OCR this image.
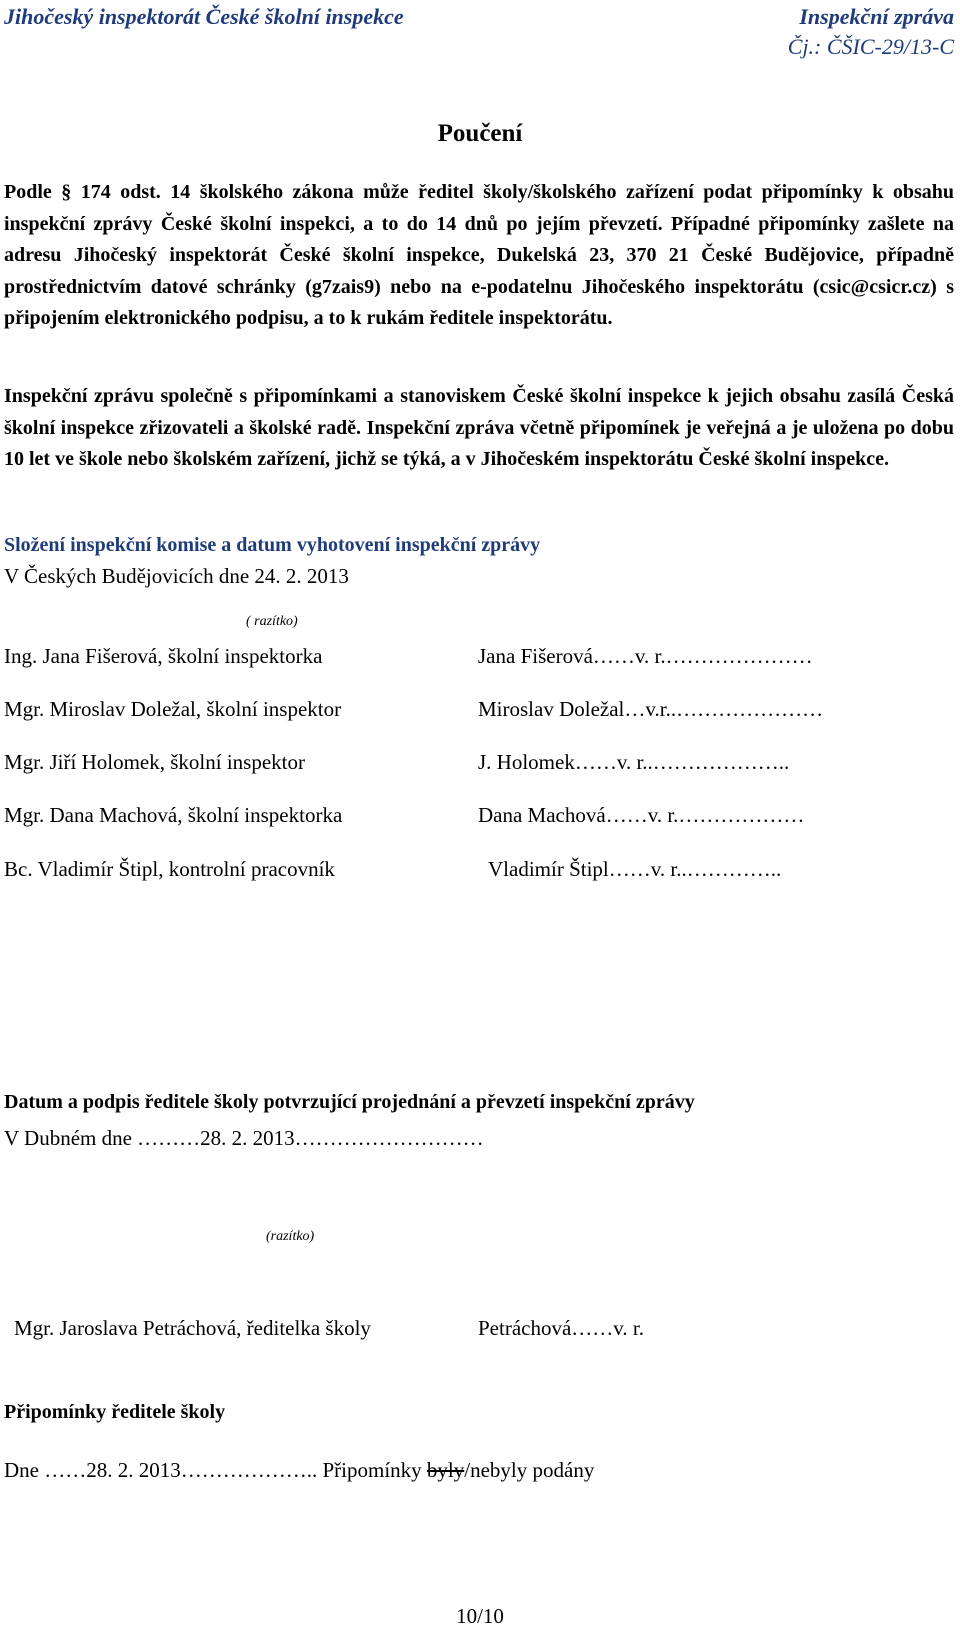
Jihočeský inspektorát České školní inspekce	Inspekční zpráva
Čj.: ČŠIC-29/13-C
Poučení
Podle § 174 odst. 14 školského zákona může ředitel školy/školského zařízení podat připomínky k obsahu inspekční zprávy České školní inspekci, a to do 14 dnů po jejím převzetí. Případné připomínky zašlete na adresu Jihočeský inspektorát České školní inspekce, Dukelská 23, 370 21 České Budějovice, případně prostřednictvím datové schránky (g7zais9) nebo na e-podatelnu Jihočeského inspektorátu (csic@csicr.cz) s připojením elektronického podpisu, a to k rukám ředitele inspektorátu.
Inspekční zprávu společně s připomínkami a stanoviskem České školní inspekce k jejich obsahu zasílá Česká školní inspekce zřizovateli a školské radě. Inspekční zpráva včetně připomínek je veřejná a je uložena po dobu 10 let ve škole nebo školském zařízení, jichž se týká, a v Jihočeském inspektorátu České školní inspekce.
Složení inspekční komise a datum vyhotovení inspekční zprávy
V Českých Budějovicích dne 24. 2. 2013
( razítko)
Ing. Jana Fišerová, školní inspektorka	Jana Fišerová……v. r.…………………
Mgr. Miroslav Doležal, školní inspektor	Miroslav Doležal…v.r..…………………
Mgr. Jiří Holomek, školní inspektor	J. Holomek……v. r..………………..
Mgr. Dana Machová, školní inspektorka	Dana Machová……v. r.………………
Bc. Vladimír Štipl, kontrolní pracovník	Vladimír Štipl……v. r..…………..
Datum a podpis ředitele školy potvrzující projednání a převzetí inspekční zprávy
V Dubném dne ………28. 2. 2013………………………
(razítko)
Mgr. Jaroslava Petráchová, ředitelka školy	Petráchová……v. r.
Připomínky ředitele školy
Dne ……28. 2. 2013……………….. Připomínky byly/nebyly podány
10/10
